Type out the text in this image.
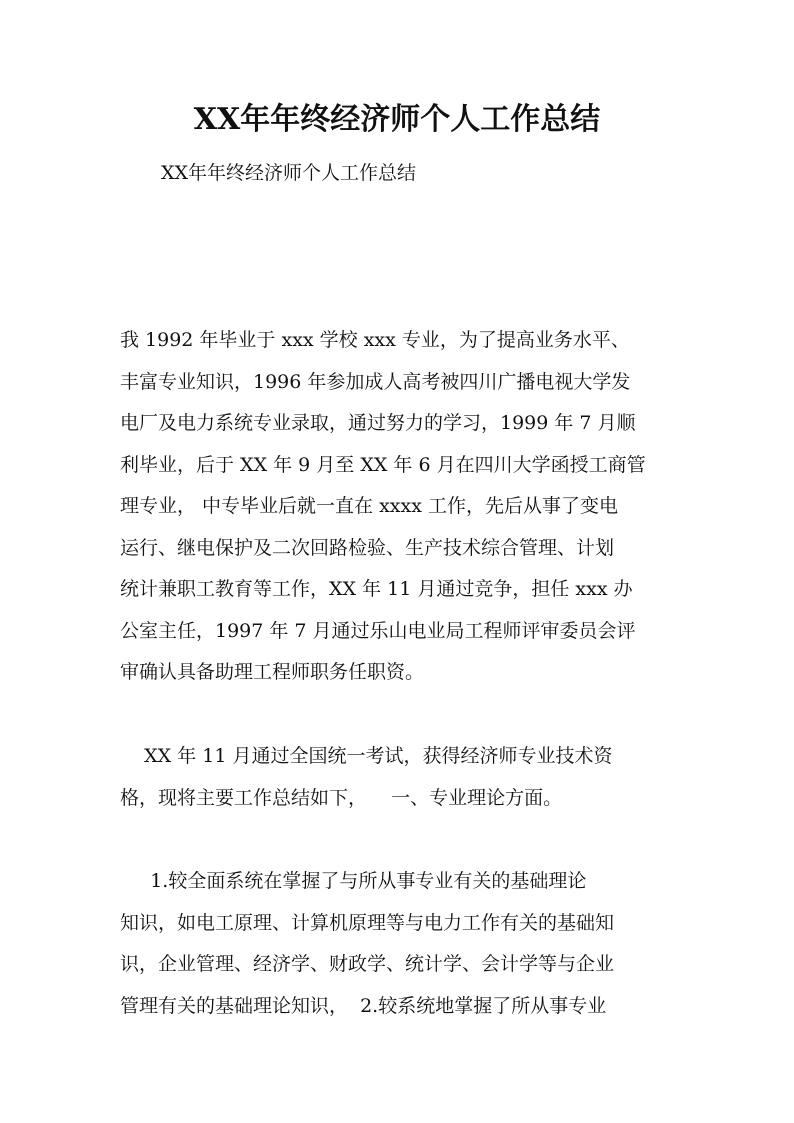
XX年年终经济师个人工作总结
XX年年终经济师个人工作总结
我 1992 年毕业于 xxx 学校 xxx 专业，为了提高业务水平、
丰富专业知识，1996 年参加成人高考被四川广播电视大学发
电厂及电力系统专业录取，通过努力的学习，1999 年 7 月顺
利毕业，后于 XX 年 9 月至 XX 年 6 月在四川大学函授工商管
理专业， 中专毕业后就一直在 xxxx 工作，先后从事了变电
运行、继电保护及二次回路检验、生产技术综合管理、计划
统计兼职工教育等工作，XX 年 11 月通过竞争，担任 xxx 办
公室主任，1997 年 7 月通过乐山电业局工程师评审委员会评
审确认具备助理工程师职务任职资。
XX 年 11 月通过全国统一考试，获得经济师专业技术资
格，现将主要工作总结如下，    一、专业理论方面。
1.较全面系统在掌握了与所从事专业有关的基础理论
知识，如电工原理、计算机原理等与电力工作有关的基础知
识，企业管理、经济学、财政学、统计学、会计学等与企业
管理有关的基础理论知识，  2.较系统地掌握了所从事专业
